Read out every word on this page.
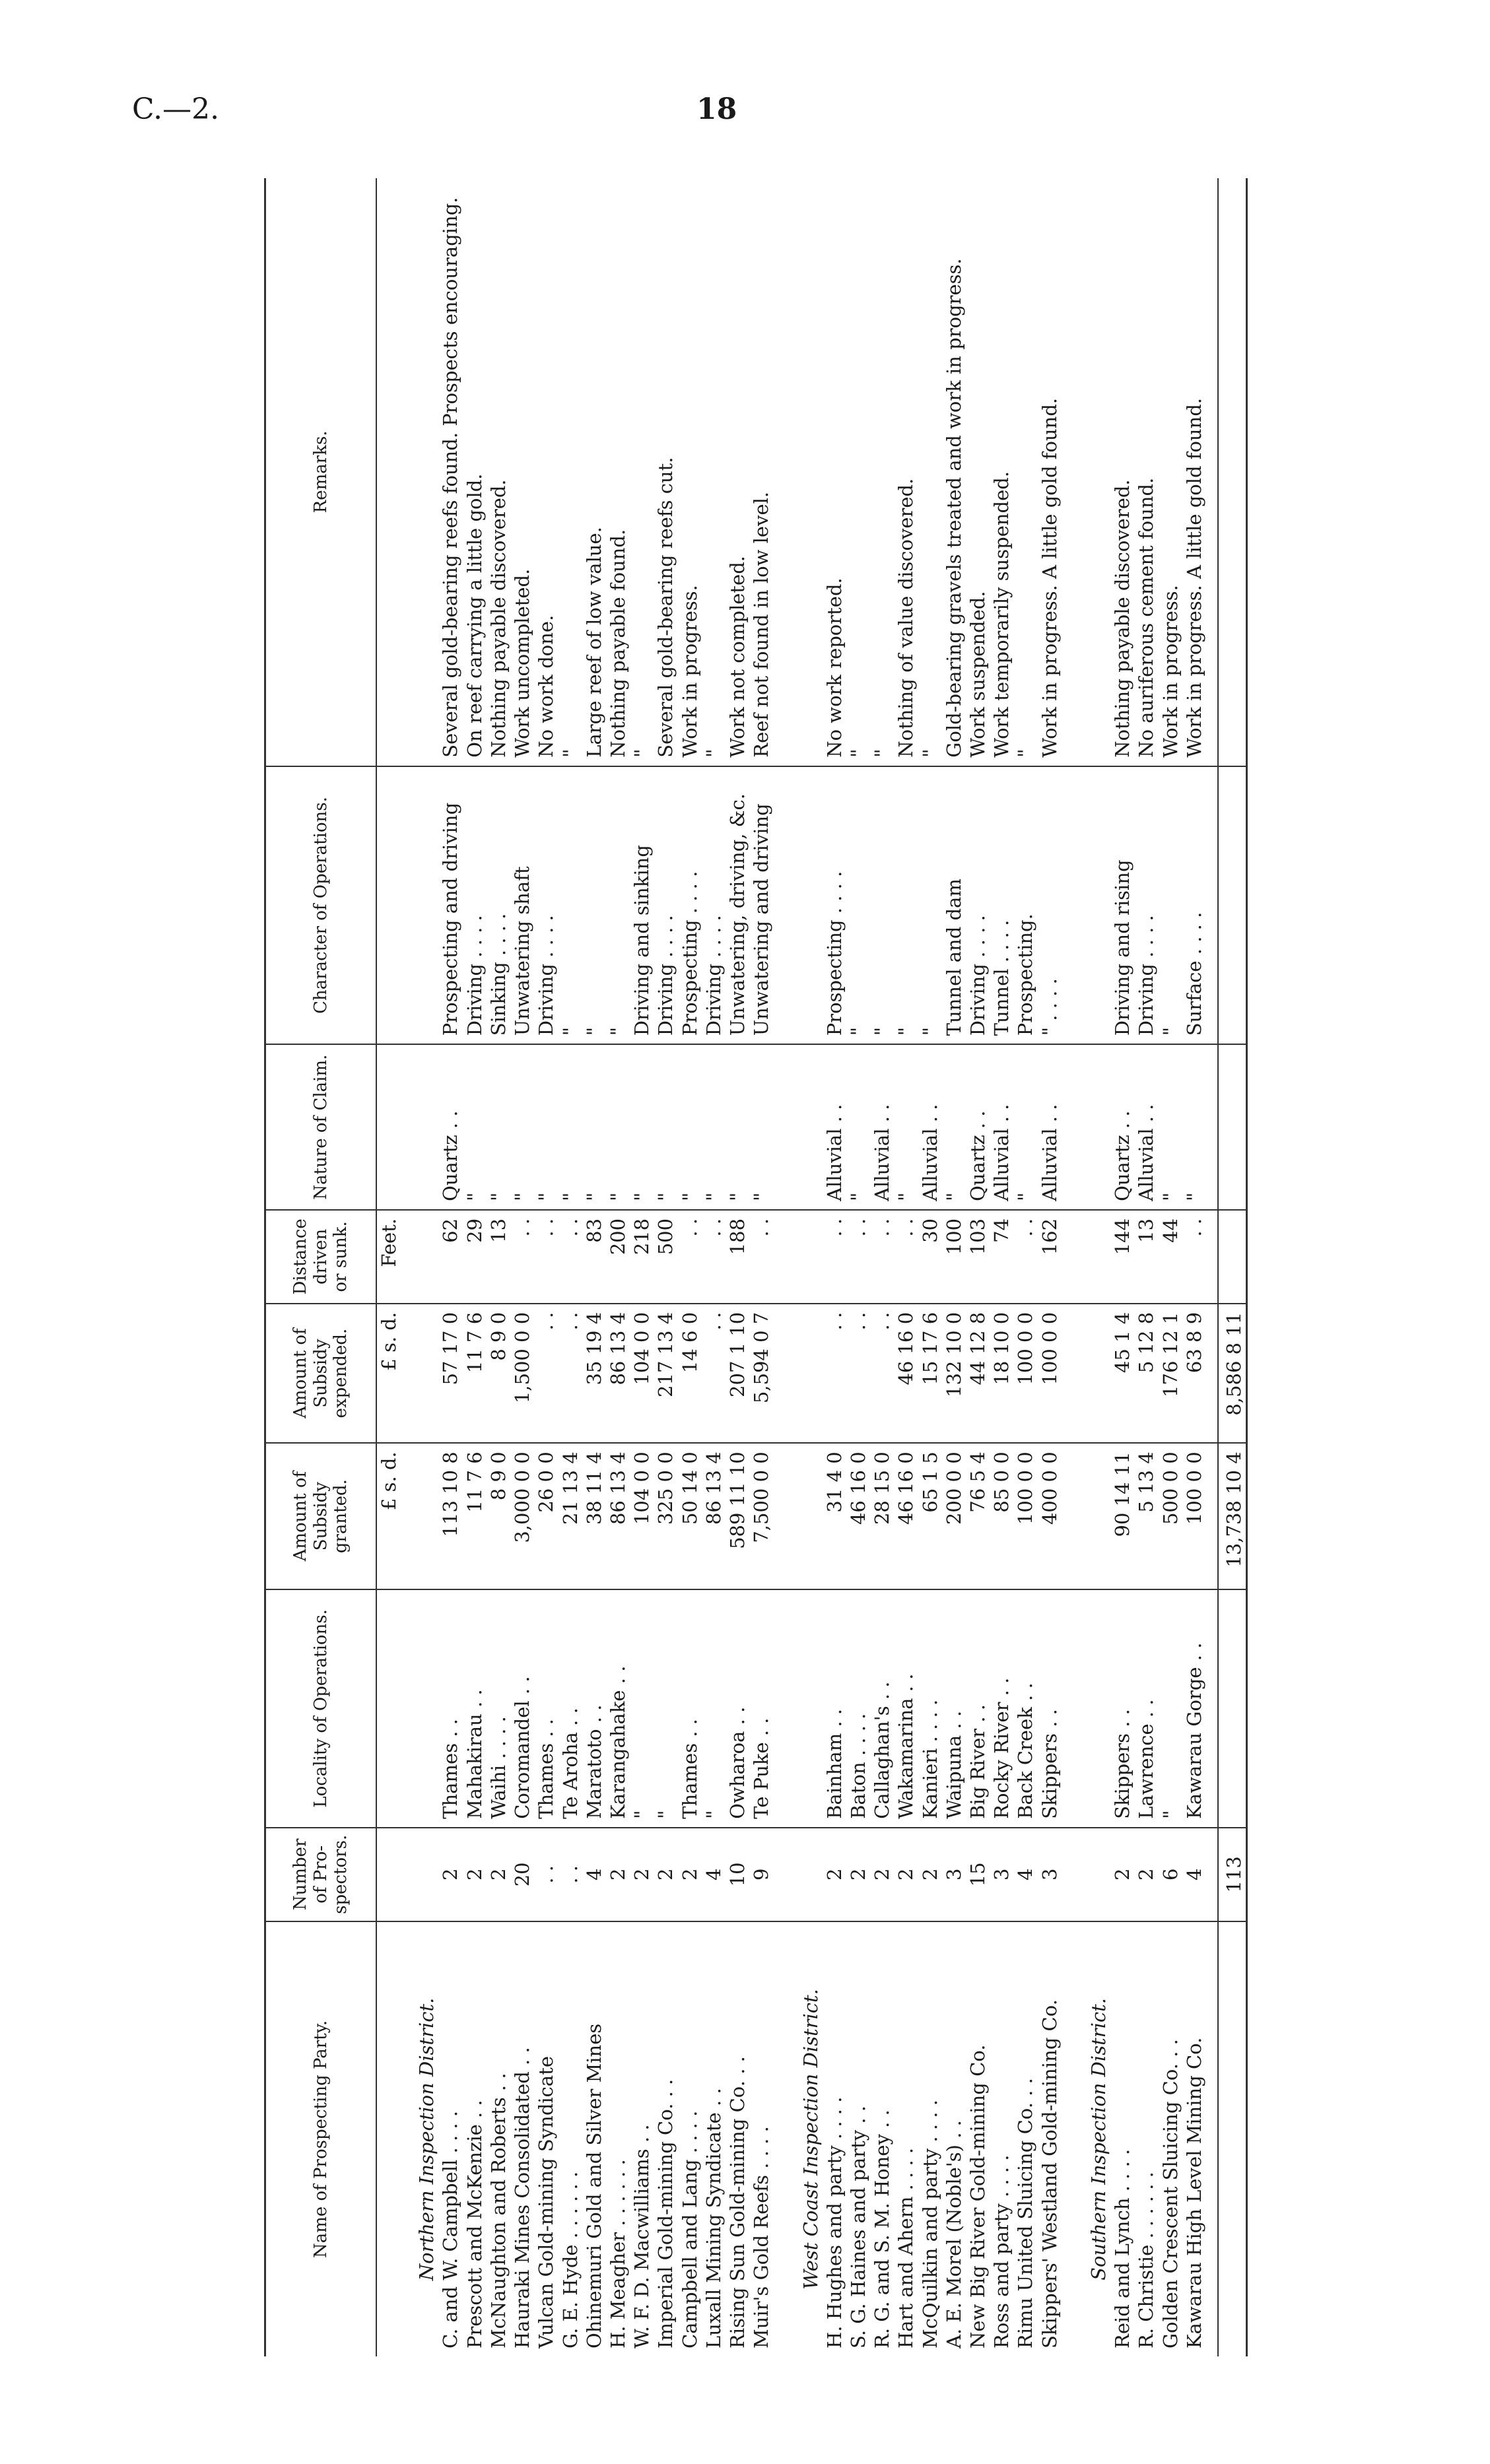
C.—2.	18
Name of Prospecting Party.	Number of Pro-spectors.	Locality of Operations.	Amount of Subsidy granted.	Amount of Subsidy expended.	Distance driven or sunk.	Nature of Claim.	Character of Operations.	Remarks.
			£ s. d.	£ s. d.	Feet.			
Northern Inspection District.								
C. and W. Campbell . . . .	2	Thames . .	113 10 8	57 17 0	62	Quartz . .	Prospecting and driving	Several gold-bearing reefs found. Prospects encouraging.
Prescott and McKenzie . .	2	Mahakirau . .	11 7 6	11 7 6	29	"	Driving . . . .	On reef carrying a little gold.
McNaughton and Roberts . .	2	Waihi . . . .	8 9 0	8 9 0	13	"	Sinking . . . .	Nothing payable discovered.
Hauraki Mines Consolidated . .	20	Coromandel . .	3,000 0 0	1,500 0 0	. .	"	Unwatering shaft	Work uncompleted.
Vulcan Gold-mining Syndicate	. .	Thames . .	26 0 0	. .	. .	"	Driving . . . .	No work done.
G. E. Hyde . . . . . .	. .	Te Aroha . .	21 13 4	. .	. .	"	"	"
Ohinemuri Gold and Silver Mines	4	Maratoto . .	38 11 4	35 19 4	83	"	"	Large reef of low value.
H. Meagher . . . . . .	2	Karangahake . .	86 13 4	86 13 4	200	"	"	Nothing payable found.
W. F. D. Macwilliams . .	2	"	104 0 0	104 0 0	218	"	Driving and sinking	"
Imperial Gold-mining Co. . .	2	"	325 0 0	217 13 4	500	"	Driving . . . .	Several gold-bearing reefs cut.
Campbell and Lang . . . .	2	Thames . .	50 14 0	14 6 0	. .	"	Prospecting . . . .	Work in progress.
Luxall Mining Syndicate . .	4	"	86 13 4	. .	. .	"	Driving . . . .	"
Rising Sun Gold-mining Co. . .	10	Owharoa . .	589 11 10	207 1 10	188	"	Unwatering, driving, &c.	Work not completed.
Muir's Gold Reefs . . . .	9	Te Puke . .	7,500 0 0	5,594 0 7	. .	"	Unwatering and driving	Reef not found in low level.
West Coast Inspection District.								
H. Hughes and party . . . .	2	Bainham . .	31 4 0	. .	. .	Alluvial . .	Prospecting . . . .	No work reported.
S. G. Haines and party . .	2	Baton . . . .	46 16 0	. .	. .	"	"	"
R. G. and S. M. Honey . .	2	Callaghan's . .	28 15 0	. .	. .	Alluvial . .	"	"
Hart and Ahern . . . .	2	Wakamarina . .	46 16 0	46 16 0	. .	"	"	Nothing of value discovered.
McQuilkin and party . . . .	2	Kanieri . . . .	65 1 5	15 17 6	30	Alluvial . .	"	"
A. E. Morel (Noble's) . .	3	Waipuna . .	200 0 0	132 10 0	100	"	Tunnel and dam	Gold-bearing gravels treated and work in progress.
New Big River Gold-mining Co.	15	Big River . .	76 5 4	44 12 8	103	Quartz . .	Driving . . . .	Work suspended.
Ross and party . . . .	3	Rocky River . .	85 0 0	18 10 0	74	Alluvial . .	Tunnel . . . .	Work temporarily suspended.
Rimu United Sluicing Co. . .	4	Back Creek . .	100 0 0	100 0 0	. .	"	Prospecting.	"
Skippers' Westland Gold-mining Co.	3	Skippers . .	400 0 0	100 0 0	162	Alluvial . .	" . . . .	Work in progress. A little gold found.
Southern Inspection District.								
Reid and Lynch . . . .	2	Skippers . .	90 14 11	45 1 4	144	Quartz . .	Driving and rising	Nothing payable discovered.
R. Christie . . . . . .	2	Lawrence . .	5 13 4	5 12 8	13	Alluvial . .	Driving . . . .	No auriferous cement found.
Golden Crescent Sluicing Co. . .	6	"	500 0 0	176 12 1	44	"	"	Work in progress.
Kawarau High Level Mining Co.	4	Kawarau Gorge . .	100 0 0	63 8 9	. .	"	Surface . . . .	Work in progress. A little gold found.
	113		13,738 10 4	8,586 8 11				
